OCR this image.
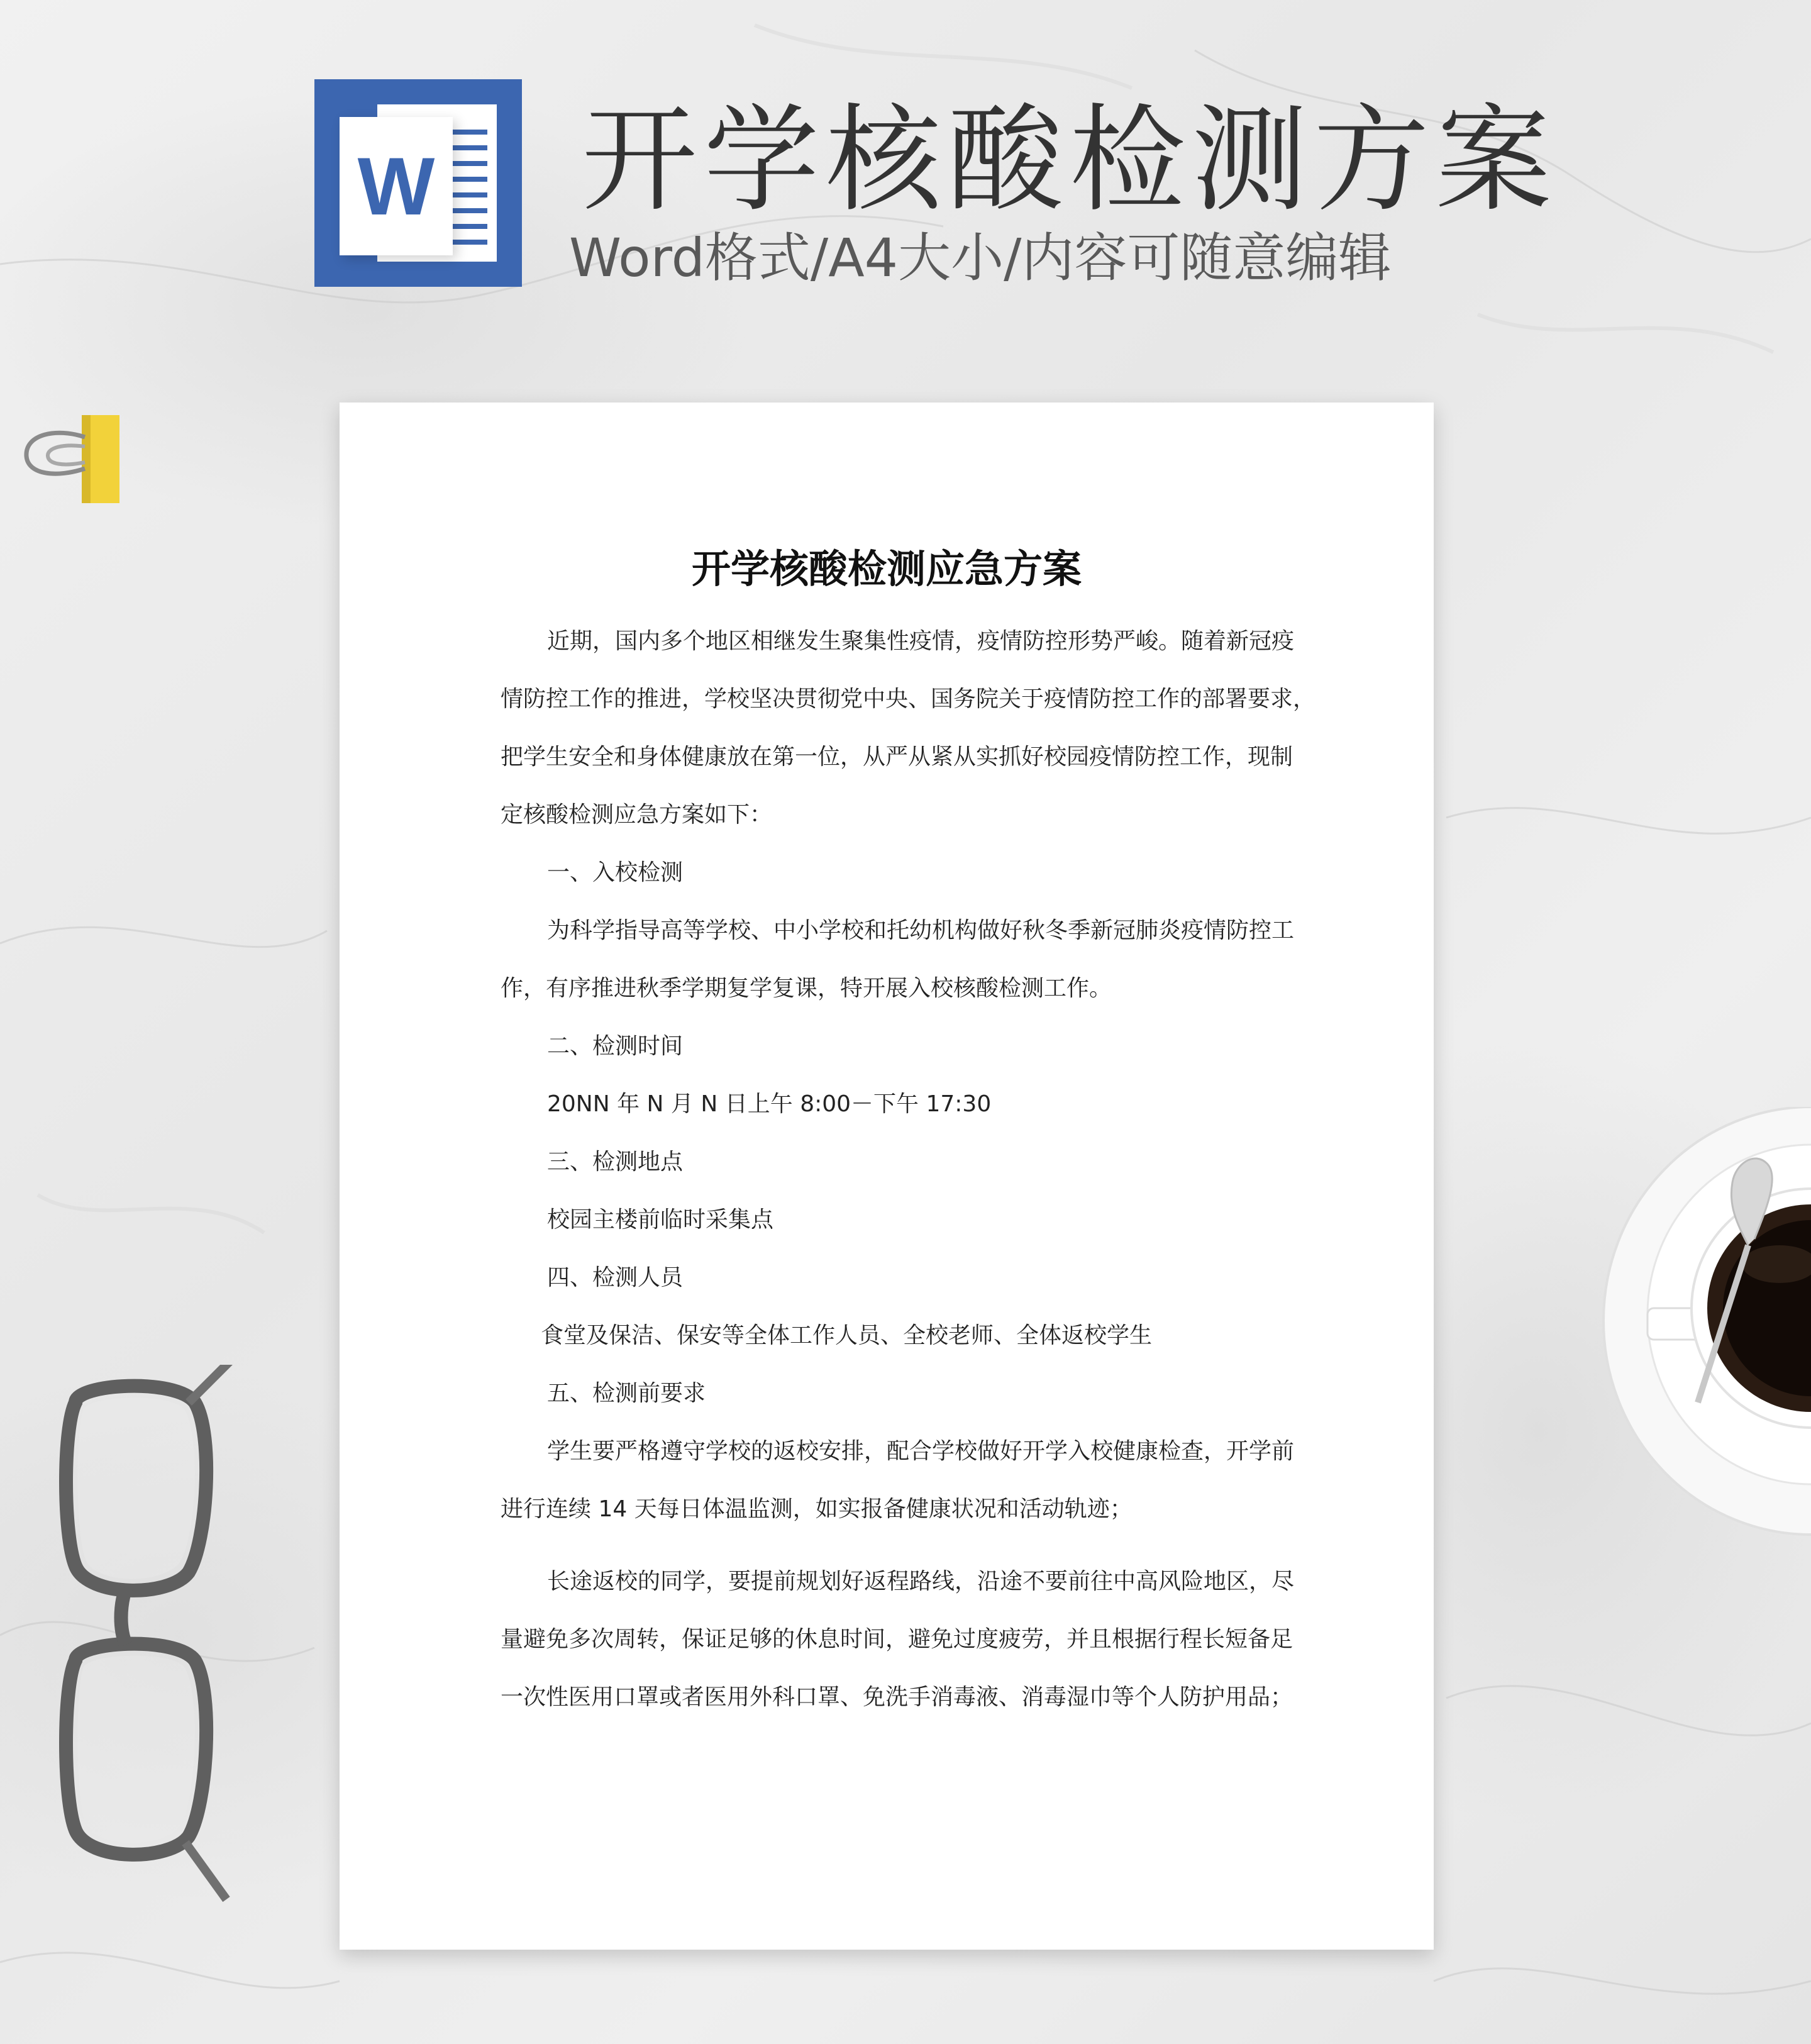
W 开学核酸检测方案
Word格式/A4大小/内容可随意编辑
开学核酸检测应急方案
近期，国内多个地区相继发生聚集性疫情，疫情防控形势严峻。随着新冠疫
情防控工作的推进，学校坚决贯彻党中央、国务院关于疫情防控工作的部署要求，
把学生安全和身体健康放在第一位，从严从紧从实抓好校园疫情防控工作，现制
定核酸检测应急方案如下：
一、入校检测
为科学指导高等学校、中小学校和托幼机构做好秋冬季新冠肺炎疫情防控工
作，有序推进秋季学期复学复课，特开展入校核酸检测工作。
二、检测时间
20NN 年 N 月 N 日上午 8:00－下午 17:30
三、检测地点
校园主楼前临时采集点
四、检测人员
食堂及保洁、保安等全体工作人员、全校老师、全体返校学生
五、检测前要求
学生要严格遵守学校的返校安排，配合学校做好开学入校健康检查，开学前
进行连续 14 天每日体温监测，如实报备健康状况和活动轨迹；
长途返校的同学，要提前规划好返程路线，沿途不要前往中高风险地区，尽
量避免多次周转，保证足够的休息时间，避免过度疲劳，并且根据行程长短备足
一次性医用口罩或者医用外科口罩、免洗手消毒液、消毒湿巾等个人防护用品；
